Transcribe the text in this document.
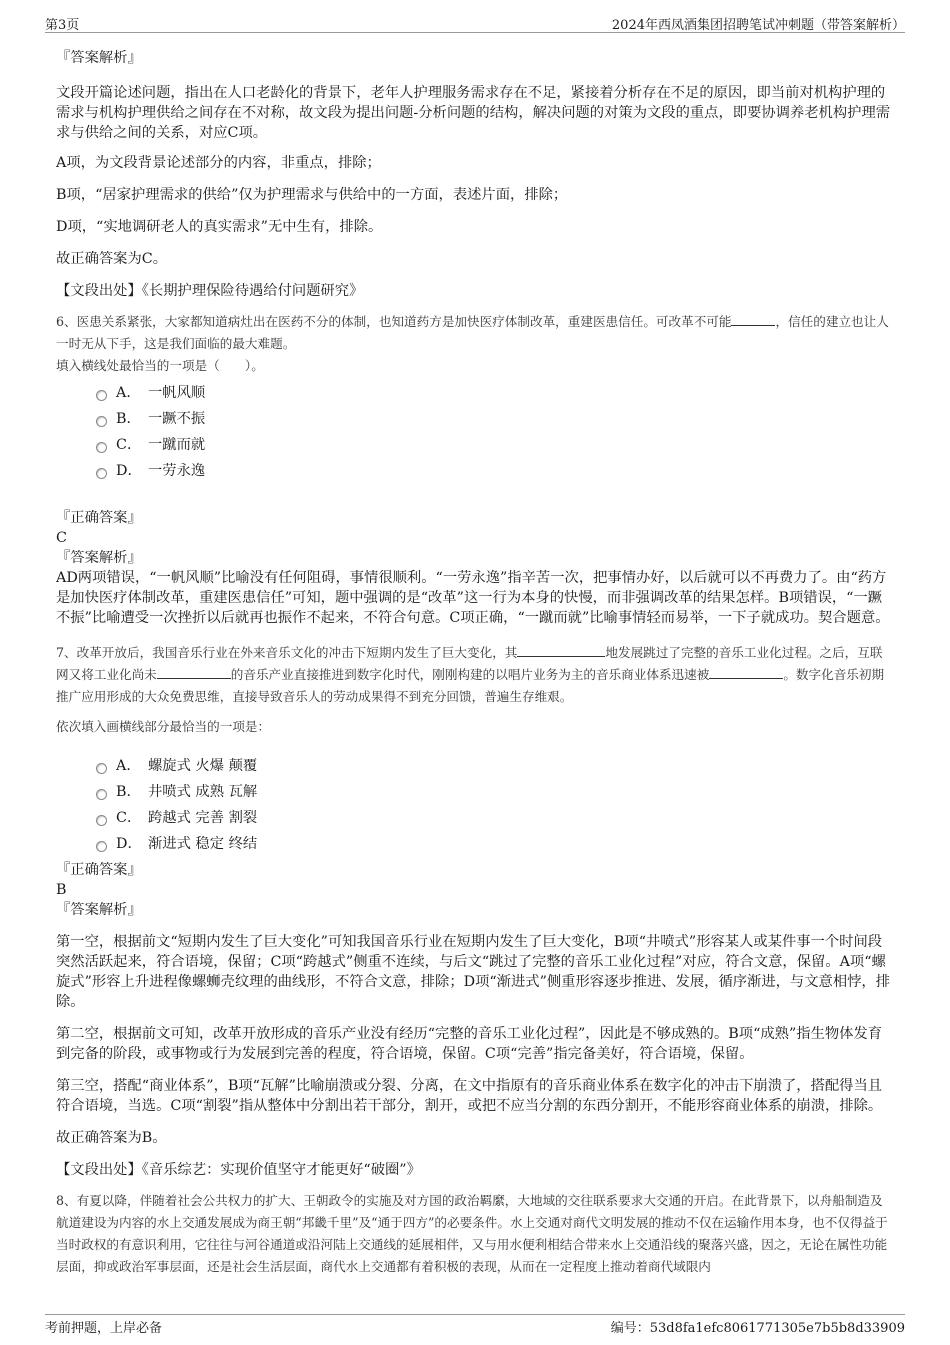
第3页	2024年西凤酒集团招聘笔试冲刺题（带答案解析）

『答案解析』

文段开篇论述问题，指出在人口老龄化的背景下，老年人护理服务需求存在不足，紧接着分析存在不足的原因，即当前对机构护理的需求与机构护理供给之间存在不对称，故文段为提出问题-分析问题的结构，解决问题的对策为文段的重点，即要协调养老机构护理需求与供给之间的关系，对应C项。

A项，为文段背景论述部分的内容，非重点，排除；

B项，“居家护理需求的供给”仅为护理需求与供给中的一方面，表述片面，排除；

D项，“实地调研老人的真实需求”无中生有，排除。

故正确答案为C。

【文段出处】《长期护理保险待遇给付问题研究》

6、医患关系紧张，大家都知道病灶出在医药不分的体制，也知道药方是加快医疗体制改革，重建医患信任。可改革不可能	，信任的建立也让人一时无从下手，这是我们面临的最大难题。

填入横线处最恰当的一项是（　　）。

A． 一帆风顺
B． 一蹶不振
C． 一蹴而就
D． 一劳永逸

『正确答案』

C

『答案解析』

AD两项错误，“一帆风顺”比喻没有任何阻碍，事情很顺利。“一劳永逸”指辛苦一次，把事情办好，以后就可以不再费力了。由“药方是加快医疗体制改革，重建医患信任”可知，题中强调的是“改革”这一行为本身的快慢，而非强调改革的结果怎样。B项错误，“一蹶不振”比喻遭受一次挫折以后就再也振作不起来，不符合句意。C项正确，“一蹴而就”比喻事情轻而易举，一下子就成功。契合题意。

7、改革开放后，我国音乐行业在外来音乐文化的冲击下短期内发生了巨大变化，其	地发展跳过了完整的音乐工业化过程。之后，互联网又将工业化尚未	的音乐产业直接推进到数字化时代，刚刚构建的以唱片业务为主的音乐商业体系迅速被	。数字化音乐初期推广应用形成的大众免费思维，直接导致音乐人的劳动成果得不到充分回馈，普遍生存维艰。

依次填入画横线部分最恰当的一项是：

A． 螺旋式 火爆 颠覆
B． 井喷式 成熟 瓦解
C． 跨越式 完善 割裂
D． 渐进式 稳定 终结

『正确答案』

B

『答案解析』

第一空，根据前文“短期内发生了巨大变化”可知我国音乐行业在短期内发生了巨大变化，B项“井喷式”形容某人或某件事一个时间段突然活跃起来，符合语境，保留；C项“跨越式”侧重不连续，与后文“跳过了完整的音乐工业化过程”对应，符合文意，保留。A项“螺旋式”形容上升进程像螺蛳壳纹理的曲线形，不符合文意，排除；D项“渐进式”侧重形容逐步推进、发展，循序渐进，与文意相悖，排除。

第二空，根据前文可知，改革开放形成的音乐产业没有经历“完整的音乐工业化过程”，因此是不够成熟的。B项“成熟”指生物体发育到完备的阶段，或事物或行为发展到完善的程度，符合语境，保留。C项“完善”指完备美好，符合语境，保留。

第三空，搭配“商业体系”，B项“瓦解”比喻崩溃或分裂、分离，在文中指原有的音乐商业体系在数字化的冲击下崩溃了，搭配得当且符合语境，当选。C项“割裂”指从整体中分割出若干部分，割开，或把不应当分割的东西分割开，不能形容商业体系的崩溃，排除。

故正确答案为B。

【文段出处】《音乐综艺：实现价值坚守才能更好“破圈”》

8、有夏以降，伴随着社会公共权力的扩大、王朝政令的实施及对方国的政治羁縻，大地域的交往联系要求大交通的开启。在此背景下，以舟船制造及航道建设为内容的水上交通发展成为商王朝“邦畿千里”及“通于四方”的必要条件。水上交通对商代文明发展的推动不仅在运输作用本身，也不仅得益于当时政权的有意识利用，它往往与河谷通道或沿河陆上交通线的延展相伴，又与用水便利相结合带来水上交通沿线的聚落兴盛，因之，无论在属性功能层面，抑或政治军事层面，还是社会生活层面，商代水上交通都有着积极的表现，从而在一定程度上推动着商代域限内

考前押题，上岸必备	编号：53d8fa1efc8061771305e7b5b8d33909
